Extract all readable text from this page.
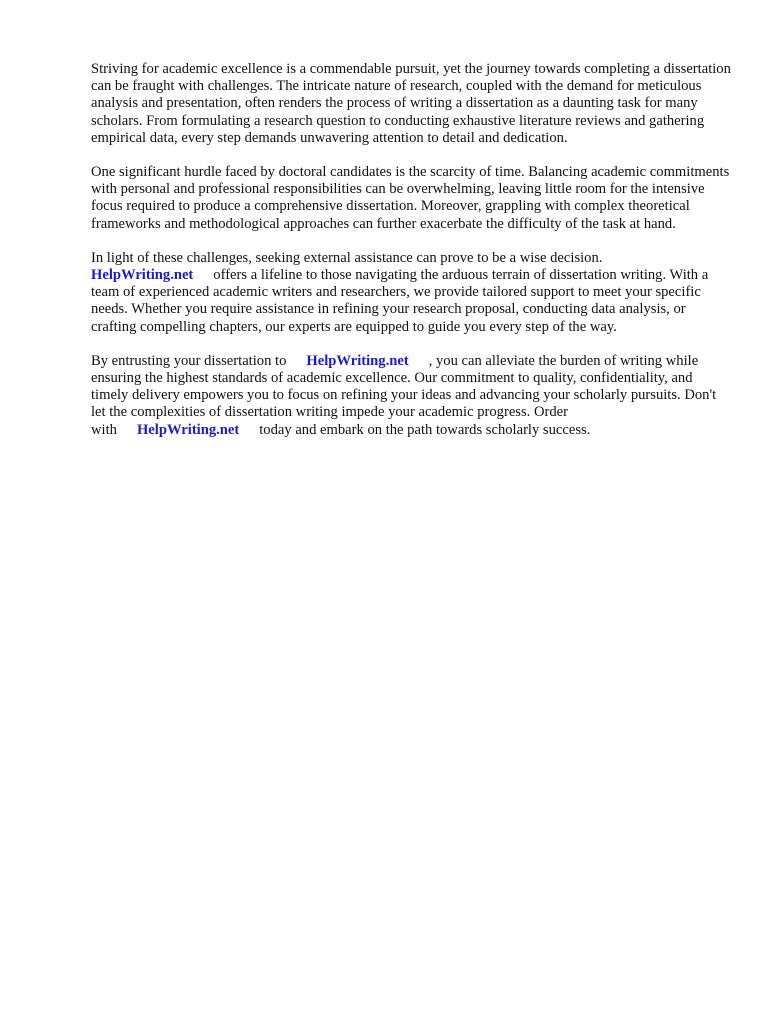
Striving for academic excellence is a commendable pursuit, yet the journey towards completing a dissertation can be fraught with challenges. The intricate nature of research, coupled with the demand for meticulous analysis and presentation, often renders the process of writing a dissertation as a daunting task for many scholars. From formulating a research question to conducting exhaustive literature reviews and gathering empirical data, every step demands unwavering attention to detail and dedication.

One significant hurdle faced by doctoral candidates is the scarcity of time. Balancing academic commitments with personal and professional responsibilities can be overwhelming, leaving little room for the intensive focus required to produce a comprehensive dissertation. Moreover, grappling with complex theoretical frameworks and methodological approaches can further exacerbate the difficulty of the task at hand.

In light of these challenges, seeking external assistance can prove to be a wise decision.
HelpWriting.net offers a lifeline to those navigating the arduous terrain of dissertation writing. With a team of experienced academic writers and researchers, we provide tailored support to meet your specific needs. Whether you require assistance in refining your research proposal, conducting data analysis, or crafting compelling chapters, our experts are equipped to guide you every step of the way.

By entrusting your dissertation to HelpWriting.net , you can alleviate the burden of writing while ensuring the highest standards of academic excellence. Our commitment to quality, confidentiality, and timely delivery empowers you to focus on refining your ideas and advancing your scholarly pursuits. Don't let the complexities of dissertation writing impede your academic progress. Order with HelpWriting.net today and embark on the path towards scholarly success.
